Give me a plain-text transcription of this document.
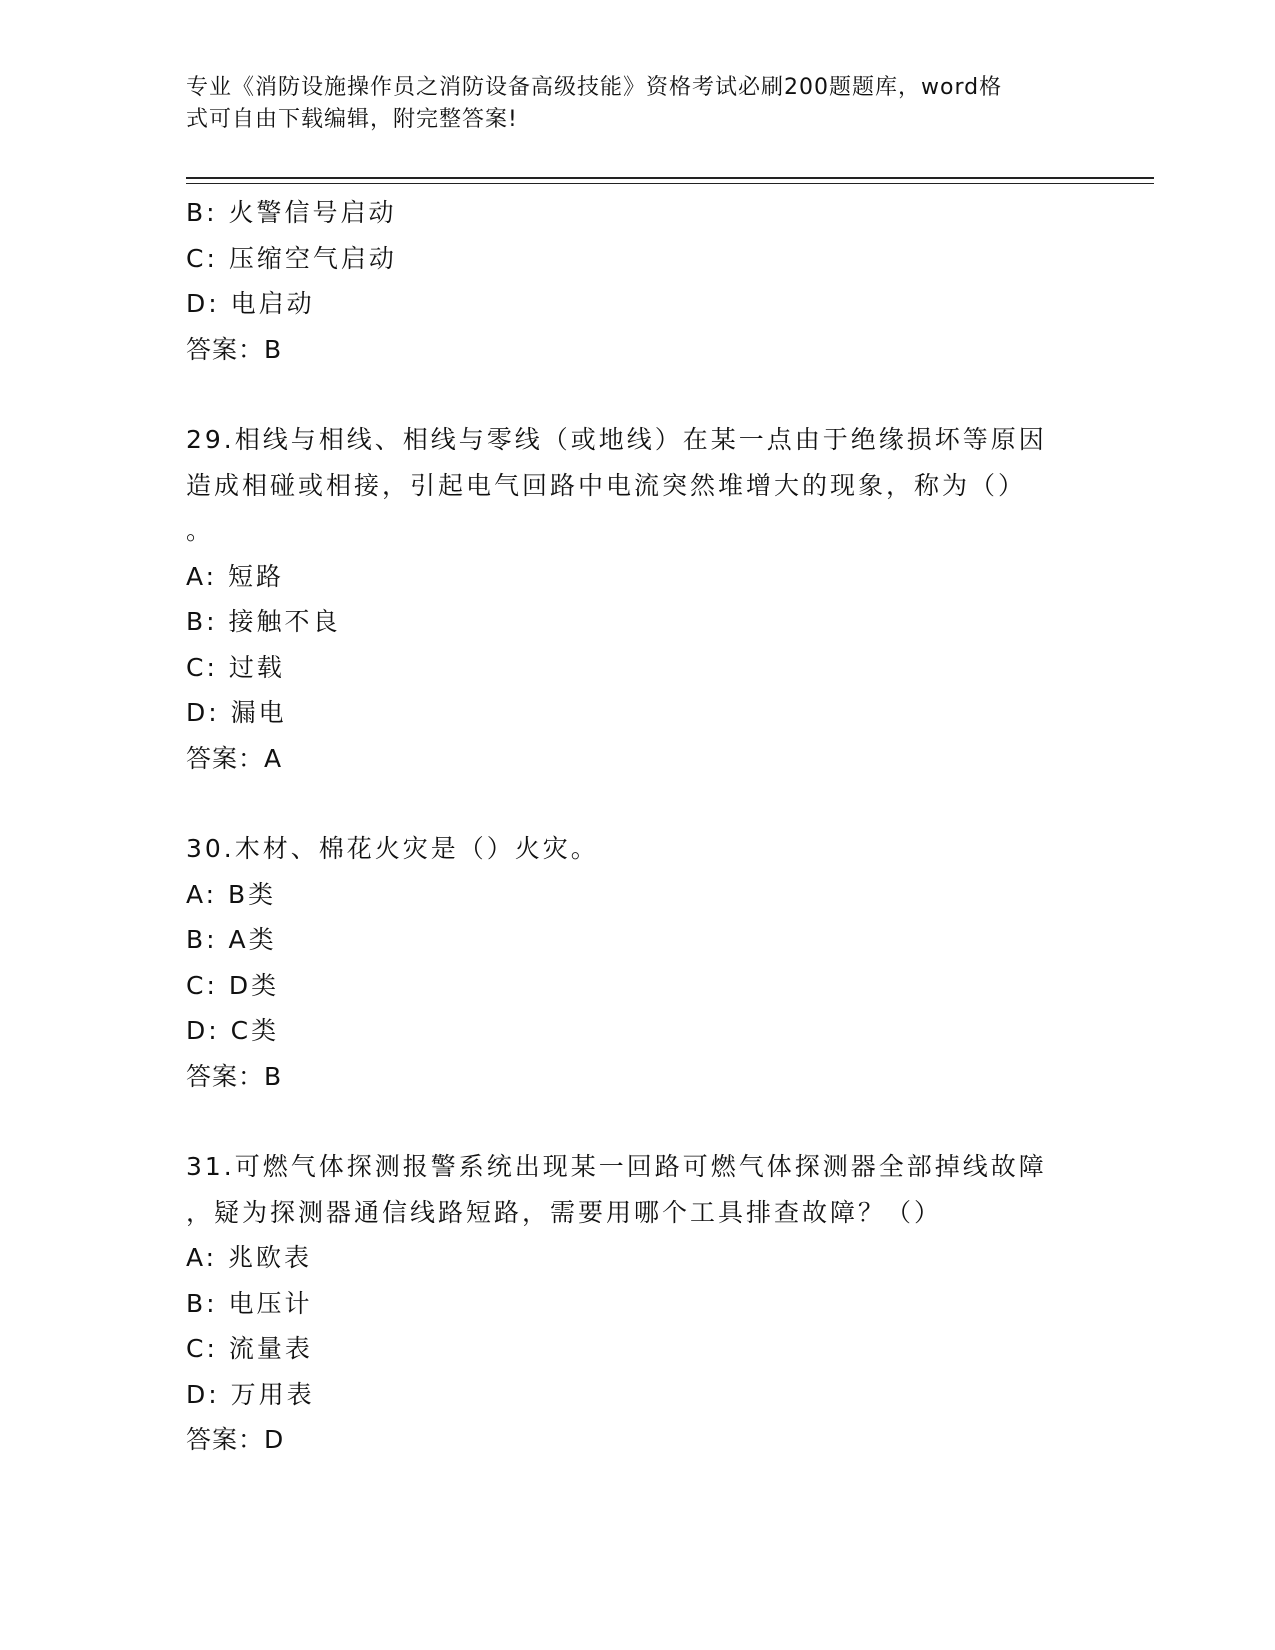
专业《消防设施操作员之消防设备高级技能》资格考试必刷200题题库，word格
式可自由下载编辑，附完整答案!
B: 火警信号启动
C: 压缩空气启动
D: 电启动
答案：B
29.相线与相线、相线与零线（或地线）在某一点由于绝缘损坏等原因
造成相碰或相接，引起电气回路中电流突然堆增大的现象，称为（）
。
A: 短路
B: 接触不良
C: 过载
D: 漏电
答案：A
30.木材、棉花火灾是（）火灾。
A: B类
B: A类
C: D类
D: C类
答案：B
31.可燃气体探测报警系统出现某一回路可燃气体探测器全部掉线故障
，疑为探测器通信线路短路，需要用哪个工具排查故障？（）
A: 兆欧表
B: 电压计
C: 流量表
D: 万用表
答案：D
